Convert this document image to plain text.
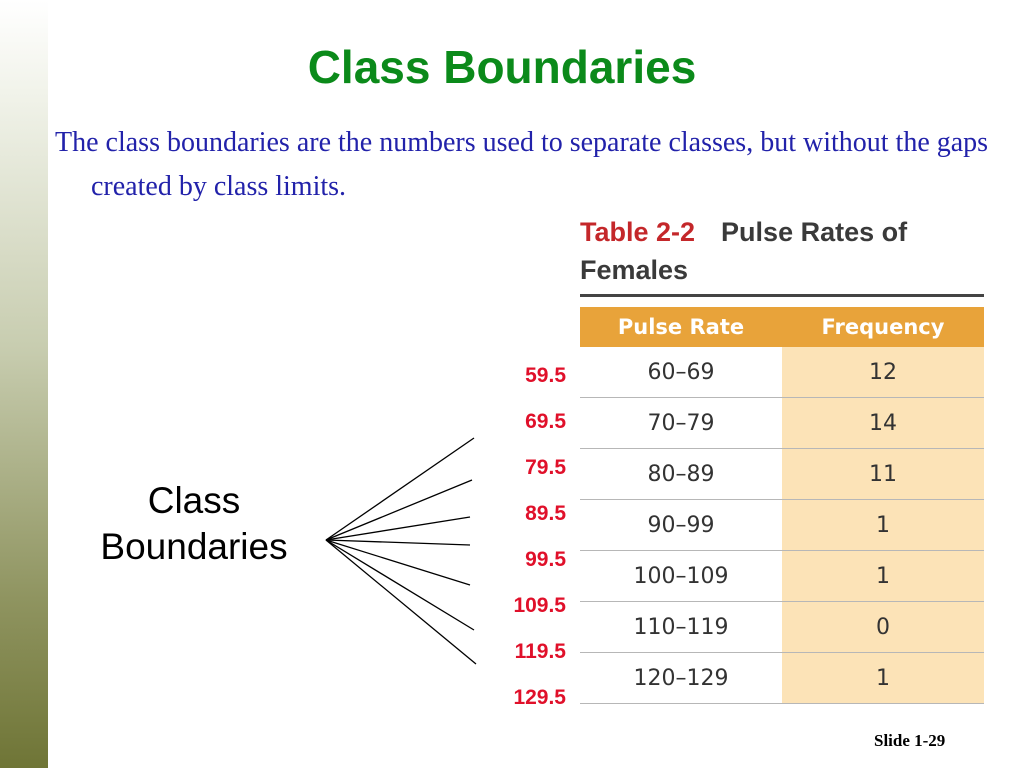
Class Boundaries

The class boundaries are the numbers used to separate classes, but without the gaps created by class limits.

Table 2-2 Pulse Rates of Females
Pulse Rate	Frequency
60–69	12
70–79	14
80–89	11
90–99	1
100–109	1
110–119	0
120–129	1
Class
Boundaries
59.5
69.5
79.5
89.5
99.5
109.5
119.5
129.5
Slide 1-29
